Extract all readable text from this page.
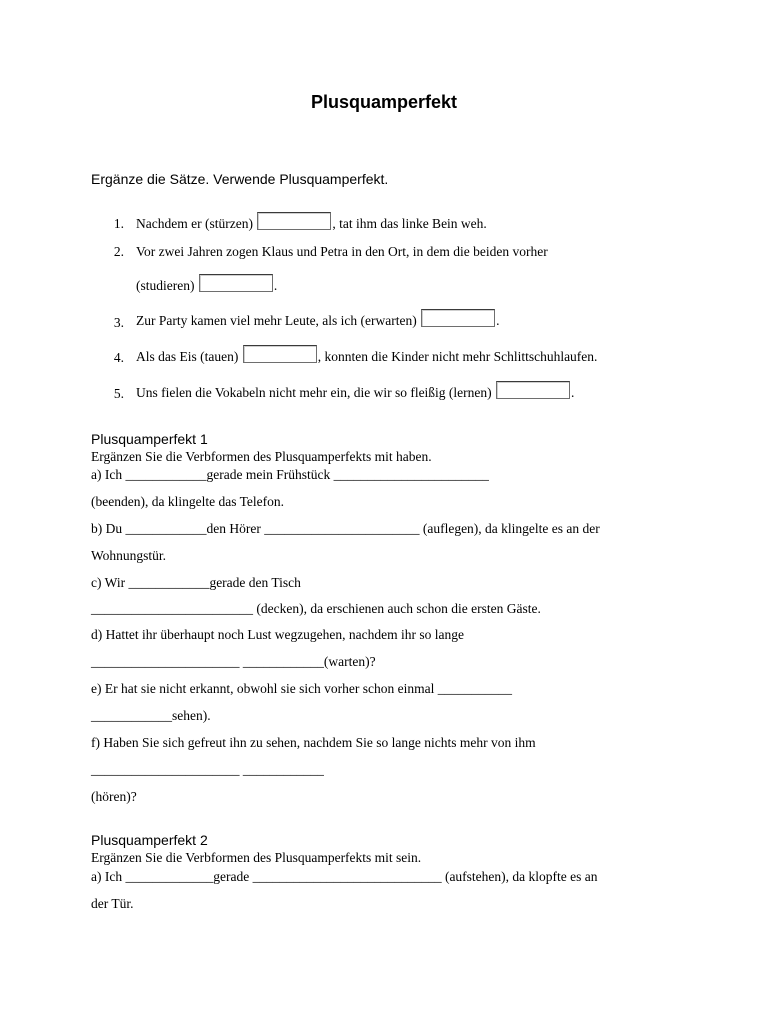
Plusquamperfekt
Ergänze die Sätze. Verwende Plusquamperfekt.
1. Nachdem er (stürzen)	, tat ihm das linke Bein weh.
2. Vor zwei Jahren zogen Klaus und Petra in den Ort, in dem die beiden vorher
(studieren)	.
3. Zur Party kamen viel mehr Leute, als ich (erwarten)	.
4. Als das Eis (tauen)	, konnten die Kinder nicht mehr Schlittschuhlaufen.
5. Uns fielen die Vokabeln nicht mehr ein, die wir so fleißig (lernen)	.
Plusquamperfekt 1
Ergänzen Sie die Verbformen des Plusquamperfekts mit haben.
a) Ich ____________gerade mein Frühstück _______________________
(beenden), da klingelte das Telefon.
b) Du ____________den Hörer _______________________ (auflegen), da klingelte es an der
Wohnungstür.
c) Wir ____________gerade den Tisch
________________________ (decken), da erschienen auch schon die ersten Gäste.
d) Hattet ihr überhaupt noch Lust wegzugehen, nachdem ihr so lange
______________________ ____________(warten)?
e) Er hat sie nicht erkannt, obwohl sie sich vorher schon einmal ___________
____________sehen).
f) Haben Sie sich gefreut ihn zu sehen, nachdem Sie so lange nichts mehr von ihm
______________________ ____________
(hören)?
Plusquamperfekt 2
Ergänzen Sie die Verbformen des Plusquamperfekts mit sein.
a) Ich _____________gerade ____________________________ (aufstehen), da klopfte es an
der Tür.
